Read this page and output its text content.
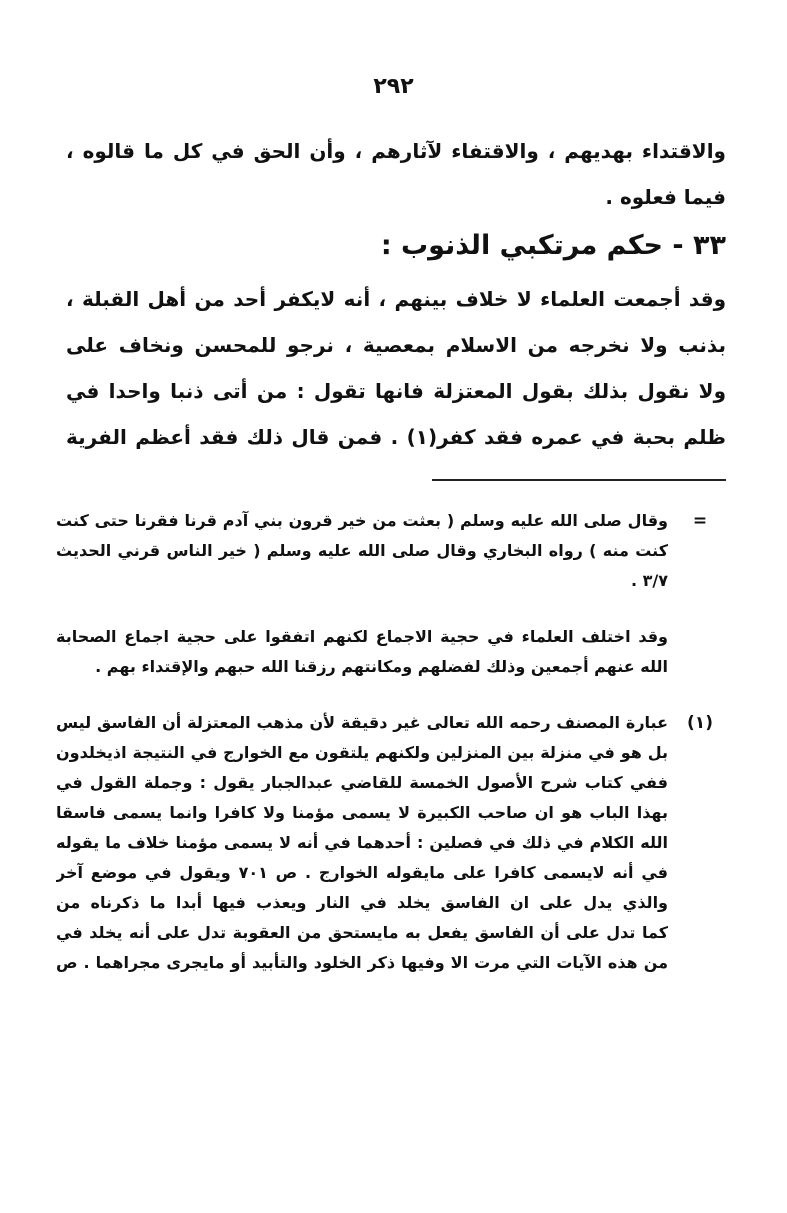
٢٩٢
والاقتداء بهديهم ، والاقتفاء لآثارهم ، وأن الحق في كل ما قالوه ،
فيما فعلوه .
٣٣ - حكم مرتكبي الذنوب :
وقد أجمعت العلماء لا خلاف بينهم ، أنه لايكفر أحد من أهل القبلة ،
بذنب ولا نخرجه من الاسلام بمعصية ، نرجو للمحسن ونخاف على
ولا نقول بذلك بقول المعتزلة فانها تقول : من أتى ذنبا واحدا في
ظلم بحبة في عمره فقد كفر(١) . فمن قال ذلك فقد أعظم الفرية
=
وقال صلى الله عليه وسلم ( بعثت من خير قرون بني آدم قرنا فقرنا حتى كنت
كنت منه ) رواه البخاري وقال صلى الله عليه وسلم ( خير الناس قرني الحديث
٣/٧ .
وقد اختلف العلماء في حجية الاجماع لكنهم اتفقوا على حجية اجماع الصحابة
الله عنهم أجمعين وذلك لفضلهم ومكانتهم رزقنا الله حبهم والإقتداء بهم .
(١)
عبارة المصنف رحمه الله تعالى غير دقيقة لأن مذهب المعتزلة أن الفاسق ليس
بل هو في منزلة بين المنزلين ولكنهم يلتقون مع الخوارج في النتيجة اذيخلدون
ففي كتاب شرح الأصول الخمسة للقاضي عبدالجبار يقول : وجملة القول في
بهذا الباب هو ان صاحب الكبيرة لا يسمى مؤمنا ولا كافرا وانما يسمى فاسقا
الله الكلام في ذلك في فصلين : أحدهما في أنه لا يسمى مؤمنا خلاف ما يقوله
في أنه لايسمى كافرا على مايقوله الخوارج . ص ٧٠١ ويقول في موضع آخر
والذي يدل على ان الفاسق يخلد في النار ويعذب فيها أبدا ما ذكرناه من
كما تدل على أن الفاسق يفعل به مايستحق من العقوبة تدل على أنه يخلد في
من هذه الآيات التي مرت الا وفيها ذكر الخلود والتأبيد أو مايجرى مجراهما . ص
